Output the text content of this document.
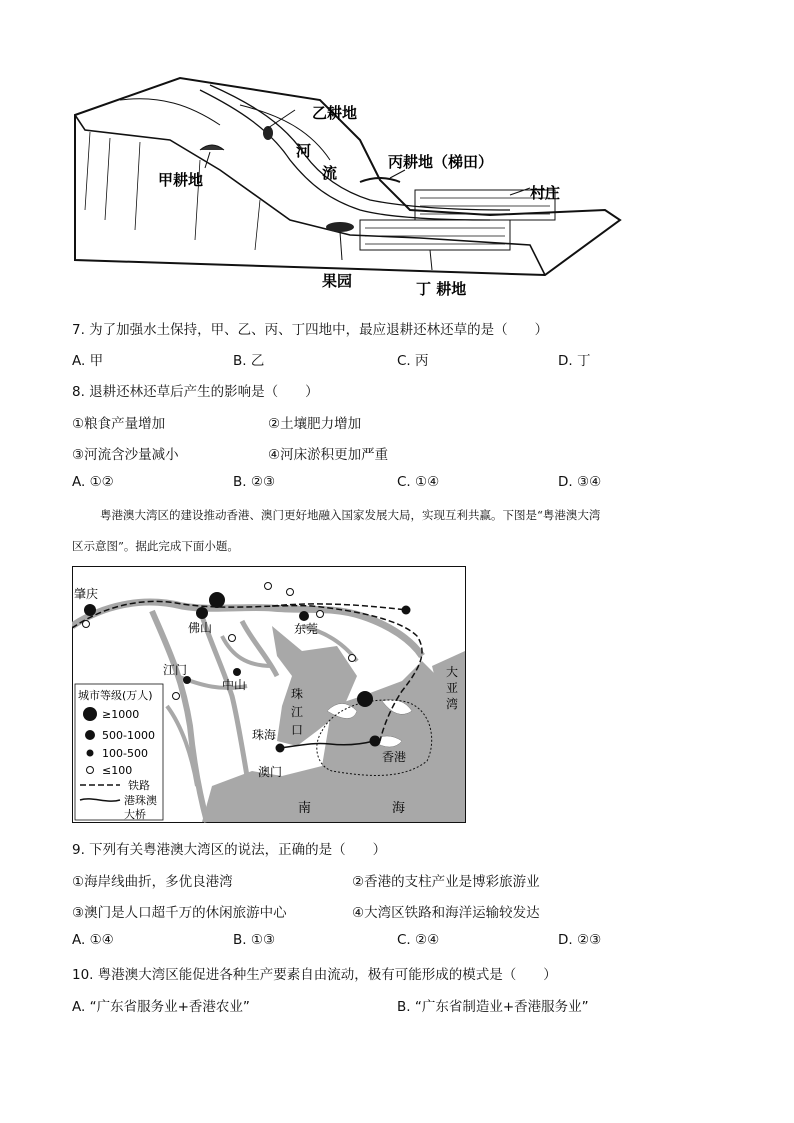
乙耕地
河
流
丙耕地（梯田）
村庄
甲耕地
果园	丁 耕地
7. 为了加强水土保持，甲、乙、丙、丁四地中，最应退耕还林还草的是（　　）
A. 甲	B. 乙	C. 丙	D. 丁
8. 退耕还林还草后产生的影响是（　　）
①粮食产量增加	②土壤肥力增加
③河流含沙量减小	④河床淤积更加严重
A. ①②	B. ②③	C. ①④	D. ③④
粤港澳大湾区的建设推动香港、澳门更好地融入国家发展大局，实现互利共赢。下图是“粤港澳大湾
区示意图”。据此完成下面小题。
肇庆
佛山	东莞
江门
中山
珠海
澳门
香港
珠
江
口
大
亚
湾
南	海
城市等级(万人)
≥1000
500-1000
100-500
≤100
铁路
港珠澳
大桥
9. 下列有关粤港澳大湾区的说法，正确的是（　　）
①海岸线曲折，多优良港湾	②香港的支柱产业是博彩旅游业
③澳门是人口超千万的休闲旅游中心	④大湾区铁路和海洋运输较发达
A. ①④	B. ①③	C. ②④	D. ②③
10. 粤港澳大湾区能促进各种生产要素自由流动，极有可能形成的模式是（　　）
A. “广东省服务业+香港农业”	B. “广东省制造业+香港服务业”
